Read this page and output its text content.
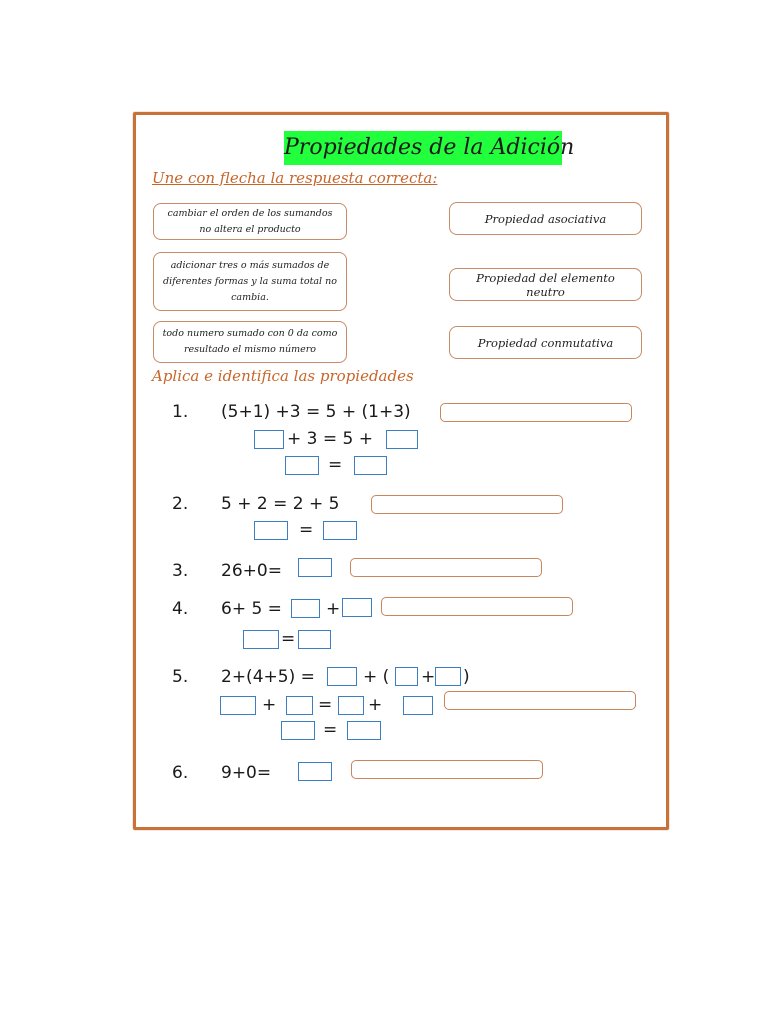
Propiedades de la Adición
Une con flecha la respuesta correcta:
cambiar el orden de los sumandos no altera el producto
adicionar tres o más sumados de diferentes formas y la suma total no cambia.
todo numero sumado con 0 da como resultado el mismo número
Propiedad asociativa
Propiedad del elemento neutro
Propiedad conmutativa
Aplica e identifica las propiedades
1. (5+1) +3 = 5 + (1+3)
+ 3 = 5 +
=
2. 5 + 2 = 2 + 5
=
3. 26+0=
4. 6+ 5 =	+
=
5. 2+(4+5) =	+ ( + )
+ = +
=
6. 9+0=
